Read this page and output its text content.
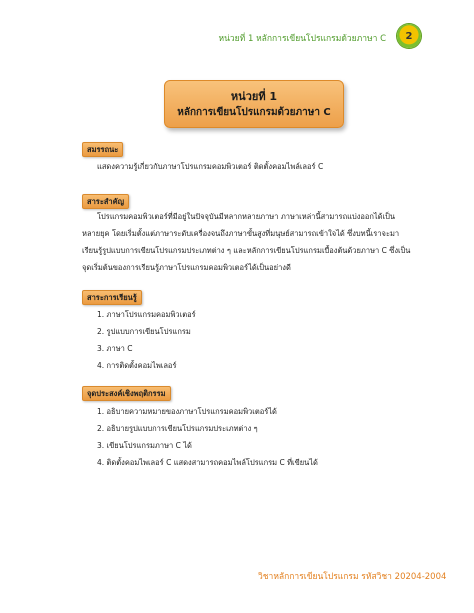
หน่วยที่ 1 หลักการเขียนโปรแกรมด้วยภาษา C	2
หน่วยที่ 1
หลักการเขียนโปรแกรมด้วยภาษา C
สมรรถนะ
แสดงความรู้เกี่ยวกับภาษาโปรแกรมคอมพิวเตอร์ ติดตั้งคอมไพล์เลอร์ C
สาระสำคัญ
โปรแกรมคอมพิวเตอร์ที่มีอยู่ในปัจจุบันมีหลากหลายภาษา ภาษาเหล่านี้สามารถแบ่งออกได้เป็น
หลายยุค โดยเริ่มตั้งแต่ภาษาระดับเครื่องจนถึงภาษาขั้นสูงที่มนุษย์สามารถเข้าใจได้ ซึ่งบทนี้เราจะมา
เรียนรู้รูปแบบการเขียนโปรแกรมประเภทต่าง ๆ และหลักการเขียนโปรแกรมเบื้องต้นด้วยภาษา C ซึ่งเป็น
จุดเริ่มต้นของการเรียนรู้ภาษาโปรแกรมคอมพิวเตอร์ได้เป็นอย่างดี
สาระการเรียนรู้
1. ภาษาโปรแกรมคอมพิวเตอร์
2. รูปแบบการเขียนโปรแกรม
3. ภาษา C
4. การติดตั้งคอมไพเลอร์
จุดประสงค์เชิงพฤติกรรม
1. อธิบายความหมายของภาษาโปรแกรมคอมพิวเตอร์ได้
2. อธิบายรูปแบบการเขียนโปรแกรมประเภทต่าง ๆ
3. เขียนโปรแกรมภาษา C ได้
4. ติดตั้งคอมไพเลอร์ C แสดงสามารถคอมไพล์โปรแกรม C ที่เขียนได้
วิชาหลักการเขียนโปรแกรม รหัสวิชา 20204-2004
